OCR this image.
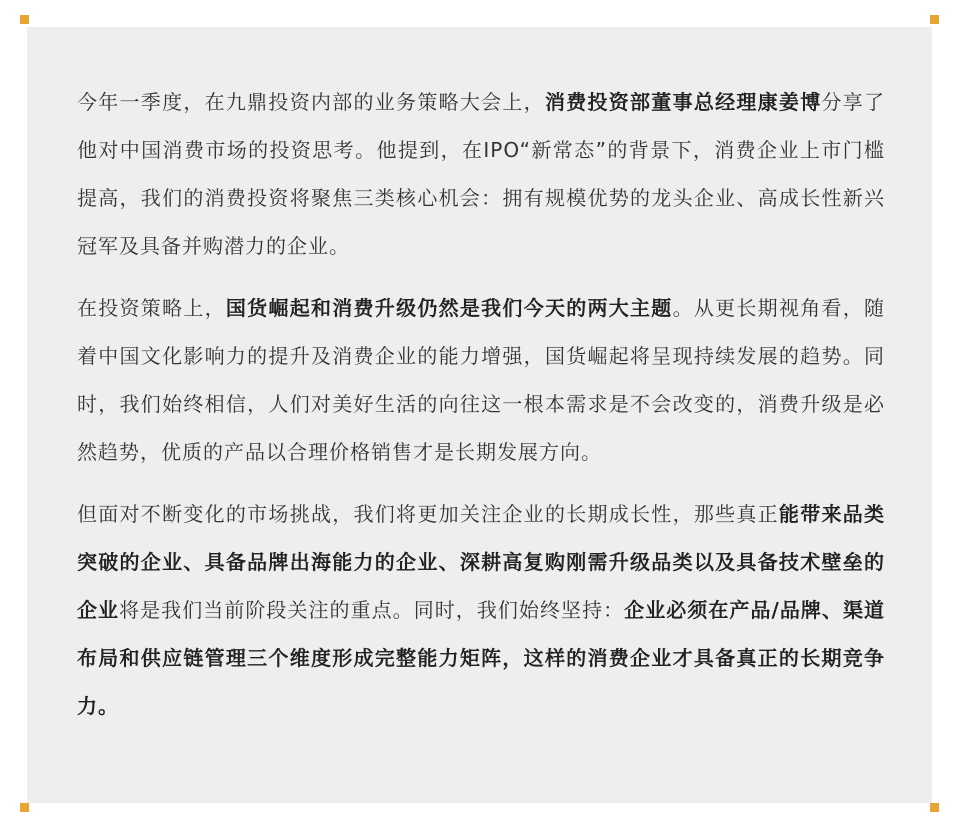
今年一季度，在九鼎投资内部的业务策略大会上，消费投资部董事总经理康姜博分享了他对中国消费市场的投资思考。他提到，在IPO“新常态”的背景下，消费企业上市门槛提高，我们的消费投资将聚焦三类核心机会：拥有规模优势的龙头企业、高成长性新兴冠军及具备并购潜力的企业。

在投资策略上，国货崛起和消费升级仍然是我们今天的两大主题。从更长期视角看，随着中国文化影响力的提升及消费企业的能力增强，国货崛起将呈现持续发展的趋势。同时，我们始终相信，人们对美好生活的向往这一根本需求是不会改变的，消费升级是必然趋势，优质的产品以合理价格销售才是长期发展方向。

但面对不断变化的市场挑战，我们将更加关注企业的长期成长性，那些真正能带来品类突破的企业、具备品牌出海能力的企业、深耕高复购刚需升级品类以及具备技术壁垒的企业将是我们当前阶段关注的重点。同时，我们始终坚持：企业必须在产品/品牌、渠道布局和供应链管理三个维度形成完整能力矩阵，这样的消费企业才具备真正的长期竞争力。
